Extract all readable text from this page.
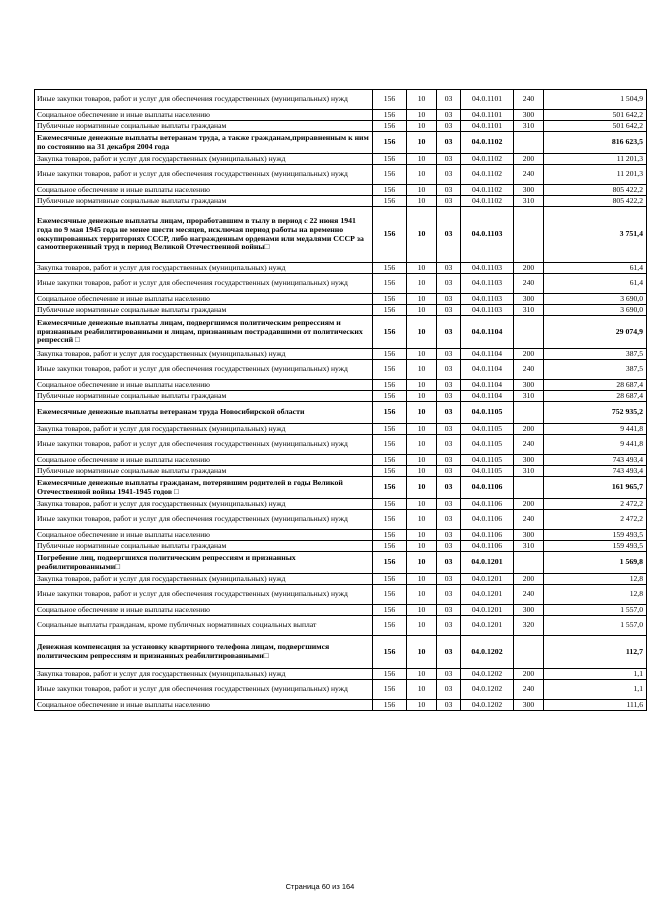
Иные закупки товаров, работ и услуг для обеспечения государственных (муниципальных) нужд	156	10	03	04.0.1101	240	1 504,9
Социальное обеспечение и иные выплаты населению	156	10	03	04.0.1101	300	501 642,2
Публичные нормативные социальные выплаты гражданам	156	10	03	04.0.1101	310	501 642,2
Ежемесячные денежные выплаты ветеранам труда, а также гражданам,приравненным к ним по состоянию на 31 декабря 2004 года	156	10	03	04.0.1102		816 623,5
Закупка товаров, работ и услуг для государственных (муниципальных) нужд	156	10	03	04.0.1102	200	11 201,3
Иные закупки товаров, работ и услуг для обеспечения государственных (муниципальных) нужд	156	10	03	04.0.1102	240	11 201,3
Социальное обеспечение и иные выплаты населению	156	10	03	04.0.1102	300	805 422,2
Публичные нормативные социальные выплаты гражданам	156	10	03	04.0.1102	310	805 422,2
Ежемесячные денежные выплаты лицам, проработавшим в тылу в период с 22 июня 1941 года по 9 мая 1945 года не менее шести месяцев, исключая период работы на временно оккупированных территориях СССР, либо награжденным орденами или медалями СССР за самоотверженный труд в период Великой Отечественной войны□	156	10	03	04.0.1103		3 751,4
Закупка товаров, работ и услуг для государственных (муниципальных) нужд	156	10	03	04.0.1103	200	61,4
Иные закупки товаров, работ и услуг для обеспечения государственных (муниципальных) нужд	156	10	03	04.0.1103	240	61,4
Социальное обеспечение и иные выплаты населению	156	10	03	04.0.1103	300	3 690,0
Публичные нормативные социальные выплаты гражданам	156	10	03	04.0.1103	310	3 690,0
Ежемесячные денежные выплаты лицам, подвергшимся политическим репрессиям и признанным реабилитированными и лицам, признанным пострадавшими от политических репрессий □	156	10	03	04.0.1104		29 074,9
Закупка товаров, работ и услуг для государственных (муниципальных) нужд	156	10	03	04.0.1104	200	387,5
Иные закупки товаров, работ и услуг для обеспечения государственных (муниципальных) нужд	156	10	03	04.0.1104	240	387,5
Социальное обеспечение и иные выплаты населению	156	10	03	04.0.1104	300	28 687,4
Публичные нормативные социальные выплаты гражданам	156	10	03	04.0.1104	310	28 687,4
Ежемесячные денежные выплаты ветеранам труда Новосибирской области	156	10	03	04.0.1105		752 935,2
Закупка товаров, работ и услуг для государственных (муниципальных) нужд	156	10	03	04.0.1105	200	9 441,8
Иные закупки товаров, работ и услуг для обеспечения государственных (муниципальных) нужд	156	10	03	04.0.1105	240	9 441,8
Социальное обеспечение и иные выплаты населению	156	10	03	04.0.1105	300	743 493,4
Публичные нормативные социальные выплаты гражданам	156	10	03	04.0.1105	310	743 493,4
Ежемесячные денежные выплаты гражданам, потерявшим родителей в годы Великой Отечественной войны 1941-1945 годов □	156	10	03	04.0.1106		161 965,7
Закупка товаров, работ и услуг для государственных (муниципальных) нужд	156	10	03	04.0.1106	200	2 472,2
Иные закупки товаров, работ и услуг для обеспечения государственных (муниципальных) нужд	156	10	03	04.0.1106	240	2 472,2
Социальное обеспечение и иные выплаты населению	156	10	03	04.0.1106	300	159 493,5
Публичные нормативные социальные выплаты гражданам	156	10	03	04.0.1106	310	159 493,5
Погребение лиц, подвергшихся политическим репрессиям и признанных реабилитированными□	156	10	03	04.0.1201		1 569,8
Закупка товаров, работ и услуг для государственных (муниципальных) нужд	156	10	03	04.0.1201	200	12,8
Иные закупки товаров, работ и услуг для обеспечения государственных (муниципальных) нужд	156	10	03	04.0.1201	240	12,8
Социальное обеспечение и иные выплаты населению	156	10	03	04.0.1201	300	1 557,0
Социальные выплаты гражданам, кроме публичных нормативных социальных выплат	156	10	03	04.0.1201	320	1 557,0
Денежная компенсация за установку квартирного телефона лицам, подвергшимся политическим репрессиям и признанных реабилитированными□	156	10	03	04.0.1202		112,7
Закупка товаров, работ и услуг для государственных (муниципальных) нужд	156	10	03	04.0.1202	200	1,1
Иные закупки товаров, работ и услуг для обеспечения государственных (муниципальных) нужд	156	10	03	04.0.1202	240	1,1
Социальное обеспечение и иные выплаты населению	156	10	03	04.0.1202	300	111,6
Страница 60 из 164
